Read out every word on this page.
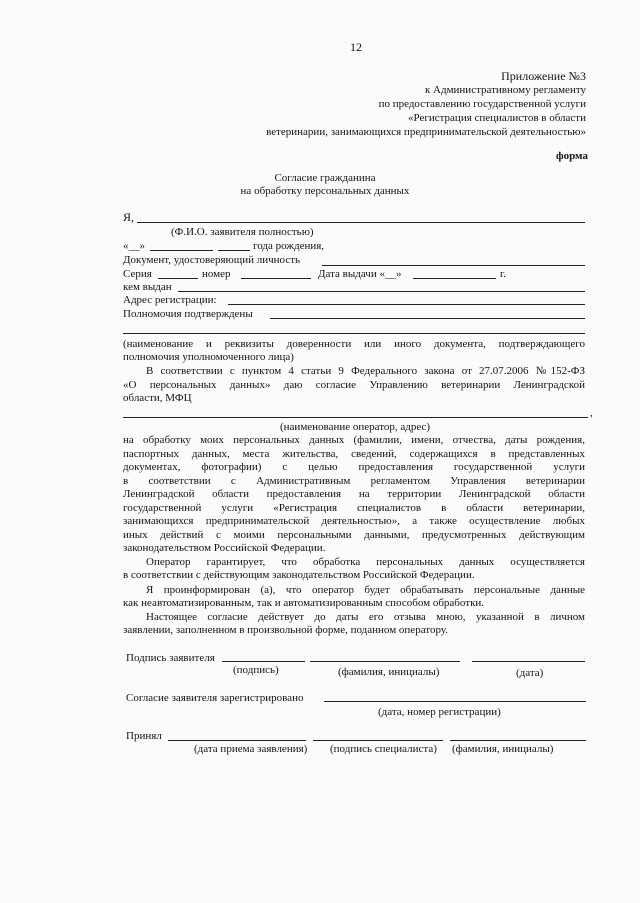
12
Приложение №3
к Административному регламенту
по предоставлению государственной услуги
«Регистрация специалистов в области
ветеринарии, занимающихся предпринимательской деятельностью»
форма
Согласие гражданина
на обработку персональных данных
Я,
(Ф.И.О. заявителя полностью)
«__»	года рождения,
Документ, удостоверяющий личность
Серия	номер	Дата выдачи «__»	г.
кем выдан
Адрес регистрации:
Полномочия подтверждены
(наименование и реквизиты доверенности или иного документа, подтверждающего
полномочия уполномоченного лица)
В соответствии с пунктом 4 статьи 9 Федерального закона от 27.07.2006 №152-ФЗ
«О персональных данных» даю согласие Управлению ветеринарии Ленинградской
области, МФЦ
,
(наименование оператор, адрес)
на обработку моих персональных данных (фамилии, имени, отчества, даты рождения,
паспортных данных, места жительства, сведений, содержащихся в представленных
документах, фотографии) с целью предоставления государственной услуги
в соответствии с Административным регламентом Управления ветеринарии
Ленинградской области предоставления на территории Ленинградской области
государственной услуги «Регистрация специалистов в области ветеринарии,
занимающихся предпринимательской деятельностью», а также осуществление любых
иных действий с моими персональными данными, предусмотренных действующим
законодательством Российской Федерации.
Оператор гарантирует, что обработка персональных данных осуществляется
в соответствии с действующим законодательством Российской Федерации.
Я проинформирован (а), что оператор будет обрабатывать персональные данные
как неавтоматизированным, так и автоматизированным способом обработки.
Настоящее согласие действует до даты его отзыва мною, указанной в личном
заявлении, заполненном в произвольной форме, поданном оператору.
Подпись заявителя
(подпись)	(фамилия, инициалы)	(дата)
Согласие заявителя зарегистрировано
(дата, номер регистрации)
Принял
(дата приема заявления) (подпись специалиста) (фамилия, инициалы)
